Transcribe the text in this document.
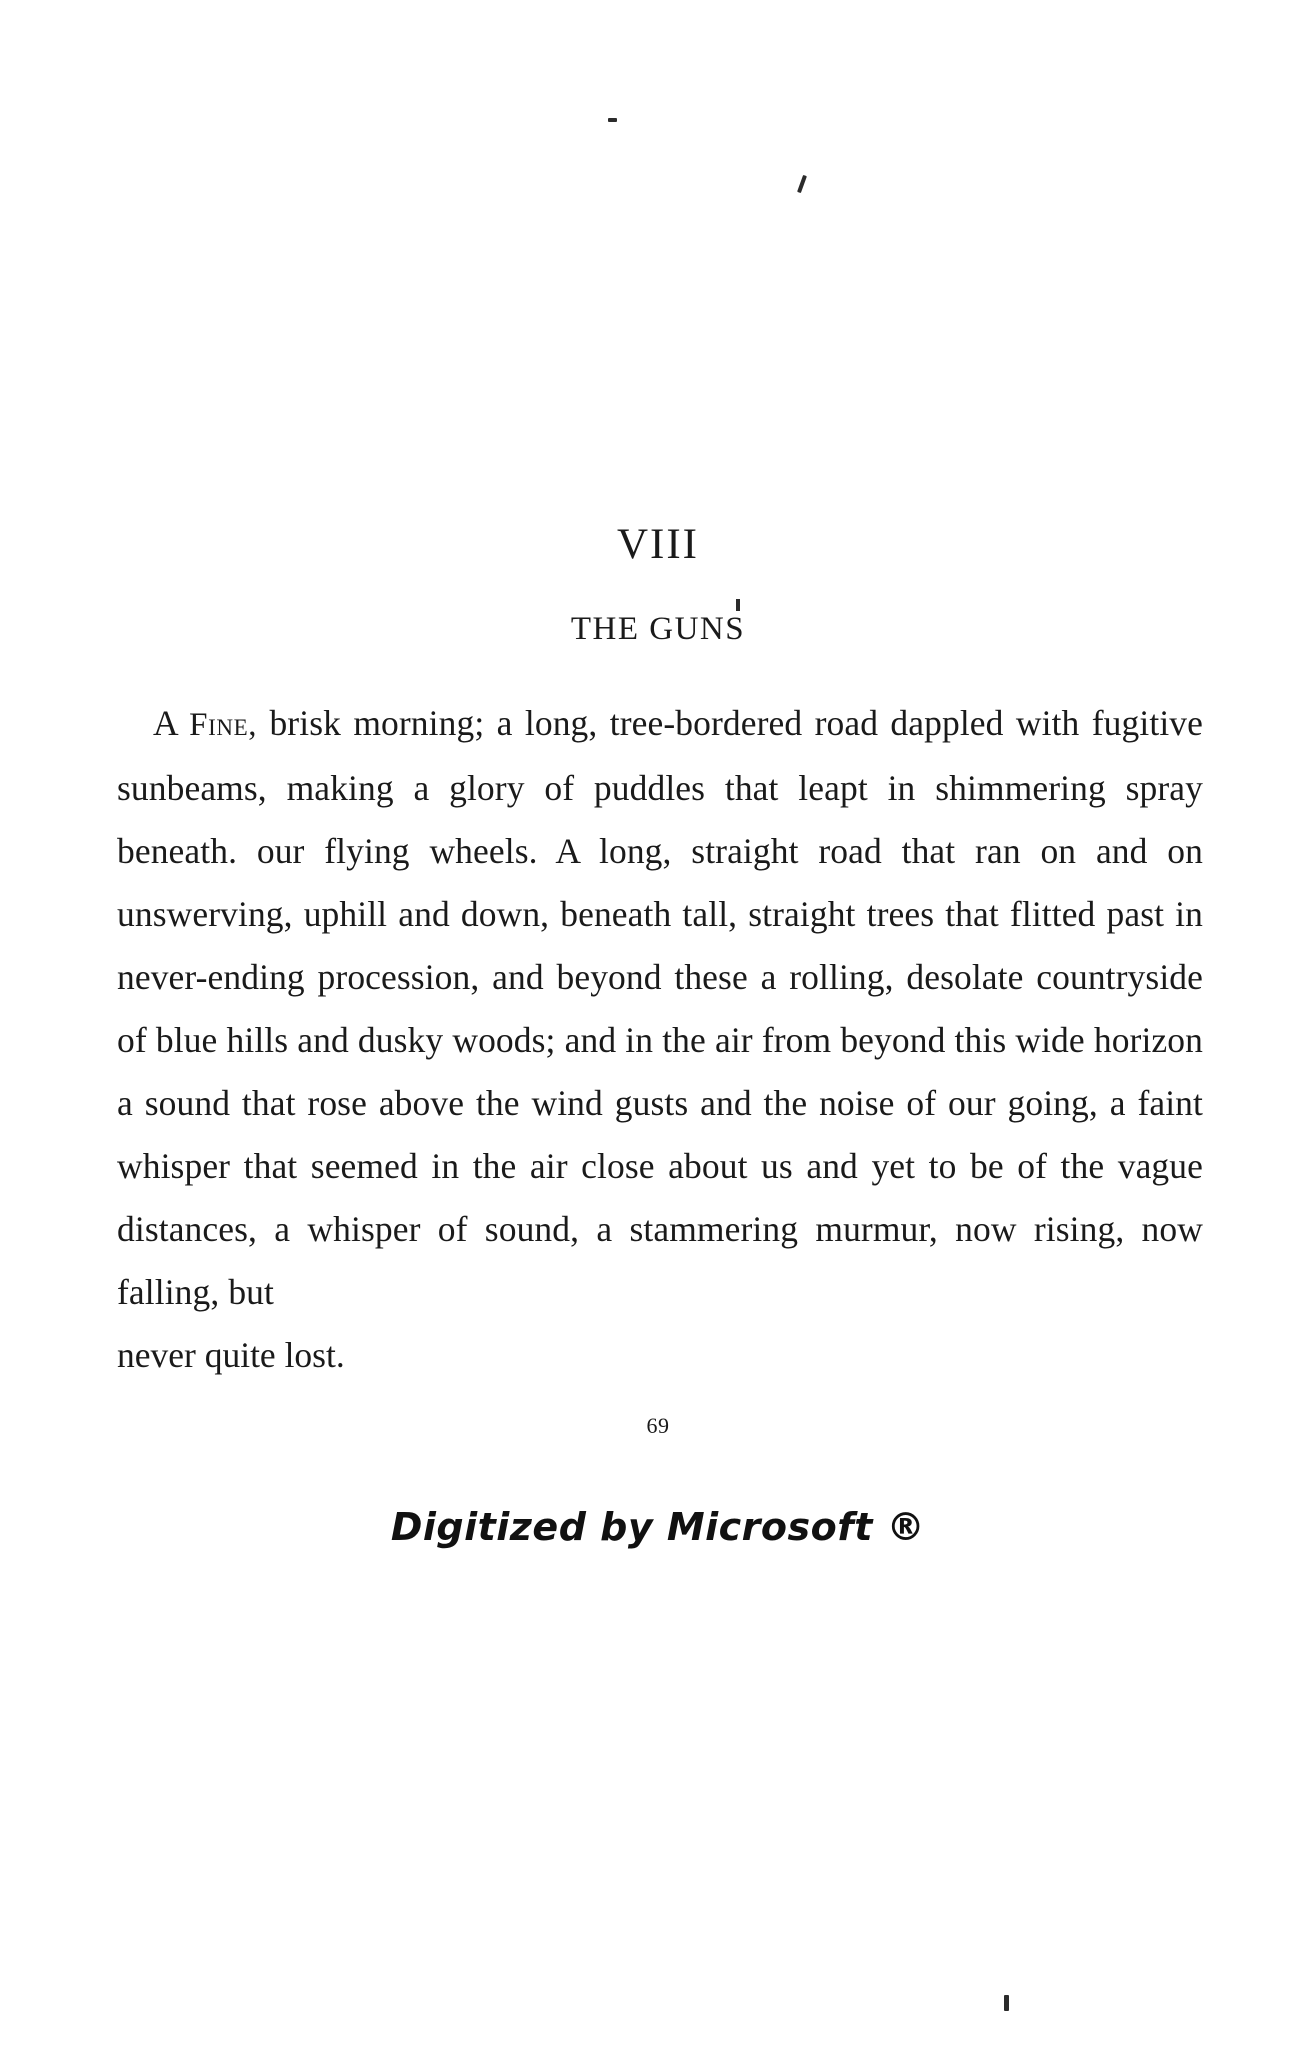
VIII
THE GUNS

A Fine, brisk morning; a long, tree-bordered road dappled with fugitive sunbeams, making a glory of puddles that leapt in shimmering spray beneath. our flying wheels. A long, straight road that ran on and on unswerving, uphill and down, beneath tall, straight trees that flitted past in never-ending procession, and beyond these a rolling, desolate countryside of blue hills and dusky woods; and in the air from beyond this wide horizon a sound that rose above the wind gusts and the noise of our going, a faint whisper that seemed in the air close about us and yet to be of the vague distances, a whisper of sound, a stammering murmur, now rising, now falling, but

never quite lost.

69
Digitized by Microsoft ®
